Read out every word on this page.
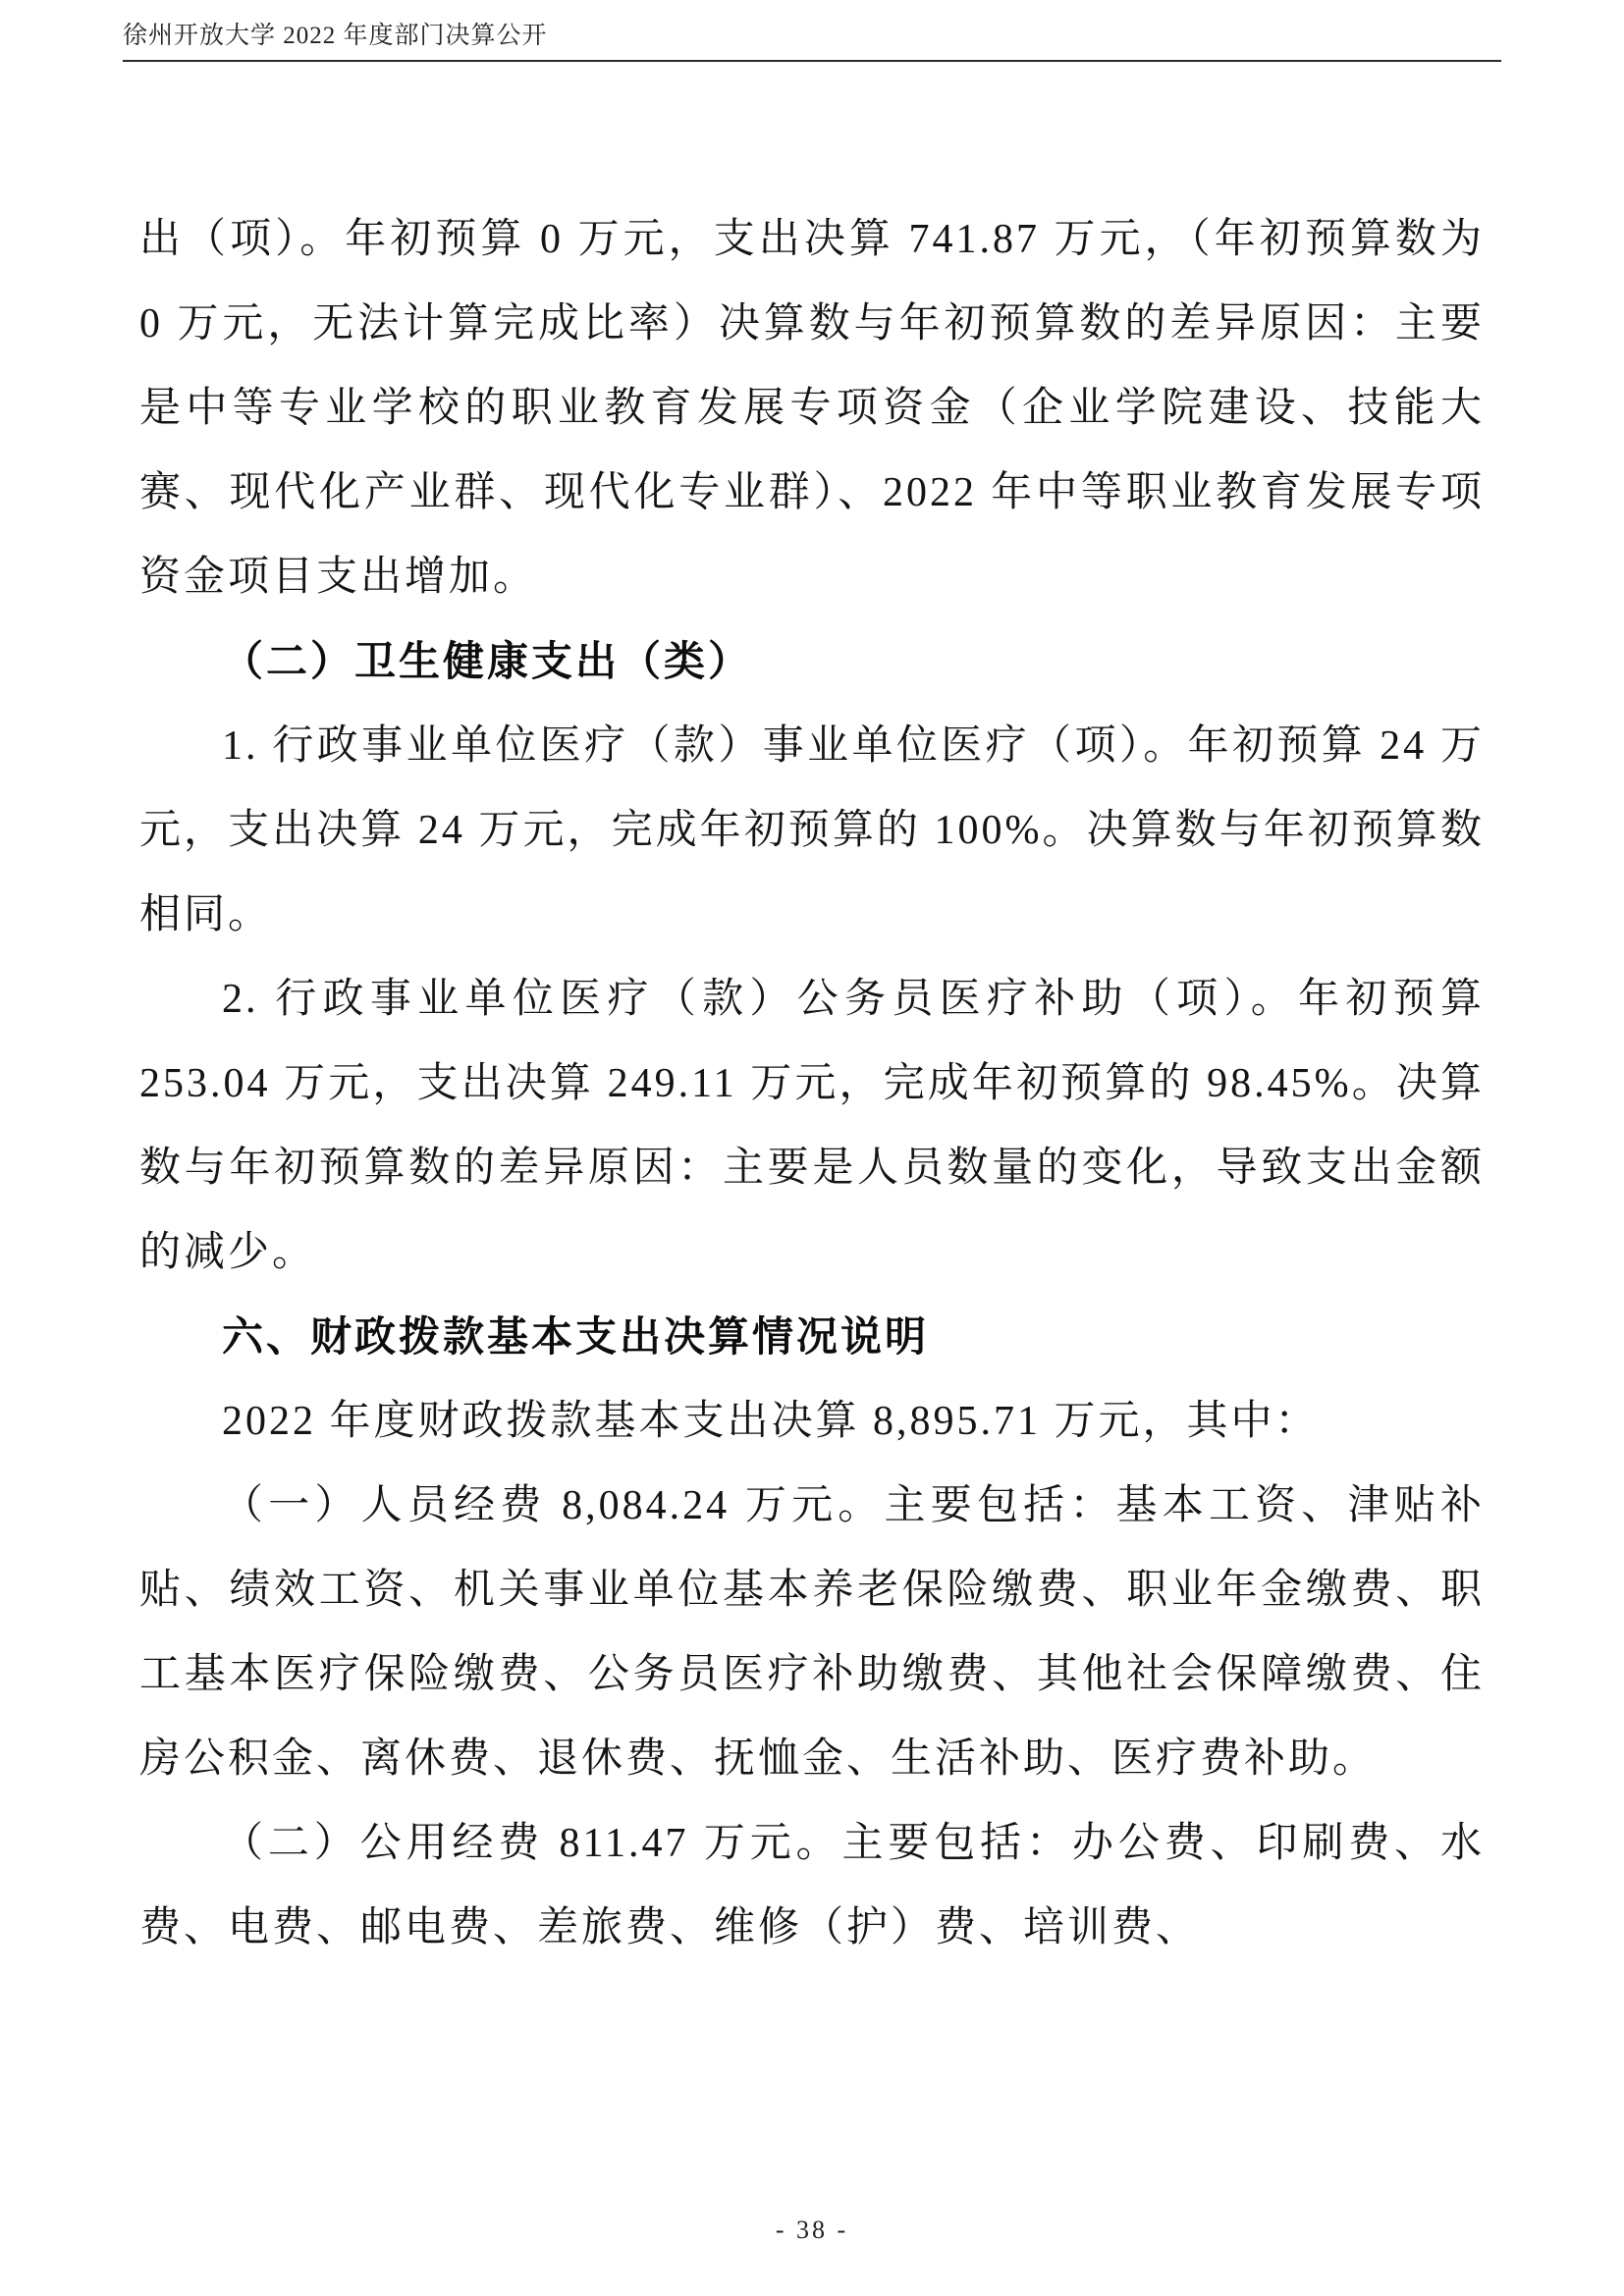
徐州开放大学 2022 年度部门决算公开

出（项）。年初预算 0 万元，支出决算 741.87 万元，（年初预算数为 0 万元，无法计算完成比率）决算数与年初预算数的差异原因：主要是中等专业学校的职业教育发展专项资金（企业学院建设、技能大赛、现代化产业群、现代化专业群）、2022 年中等职业教育发展专项资金项目支出增加。

（二）卫生健康支出（类）

1. 行政事业单位医疗（款）事业单位医疗（项）。年初预算 24 万元，支出决算 24 万元，完成年初预算的 100%。决算数与年初预算数相同。

2. 行政事业单位医疗（款）公务员医疗补助（项）。年初预算 253.04 万元，支出决算 249.11 万元，完成年初预算的 98.45%。决算数与年初预算数的差异原因：主要是人员数量的变化，导致支出金额的减少。

六、财政拨款基本支出决算情况说明

2022 年度财政拨款基本支出决算 8,895.71 万元，其中：

（一）人员经费 8,084.24 万元。主要包括：基本工资、津贴补贴、绩效工资、机关事业单位基本养老保险缴费、职业年金缴费、职工基本医疗保险缴费、公务员医疗补助缴费、其他社会保障缴费、住房公积金、离休费、退休费、抚恤金、生活补助、医疗费补助。

（二）公用经费 811.47 万元。主要包括：办公费、印刷费、水费、电费、邮电费、差旅费、维修（护）费、培训费、

- 38 -
